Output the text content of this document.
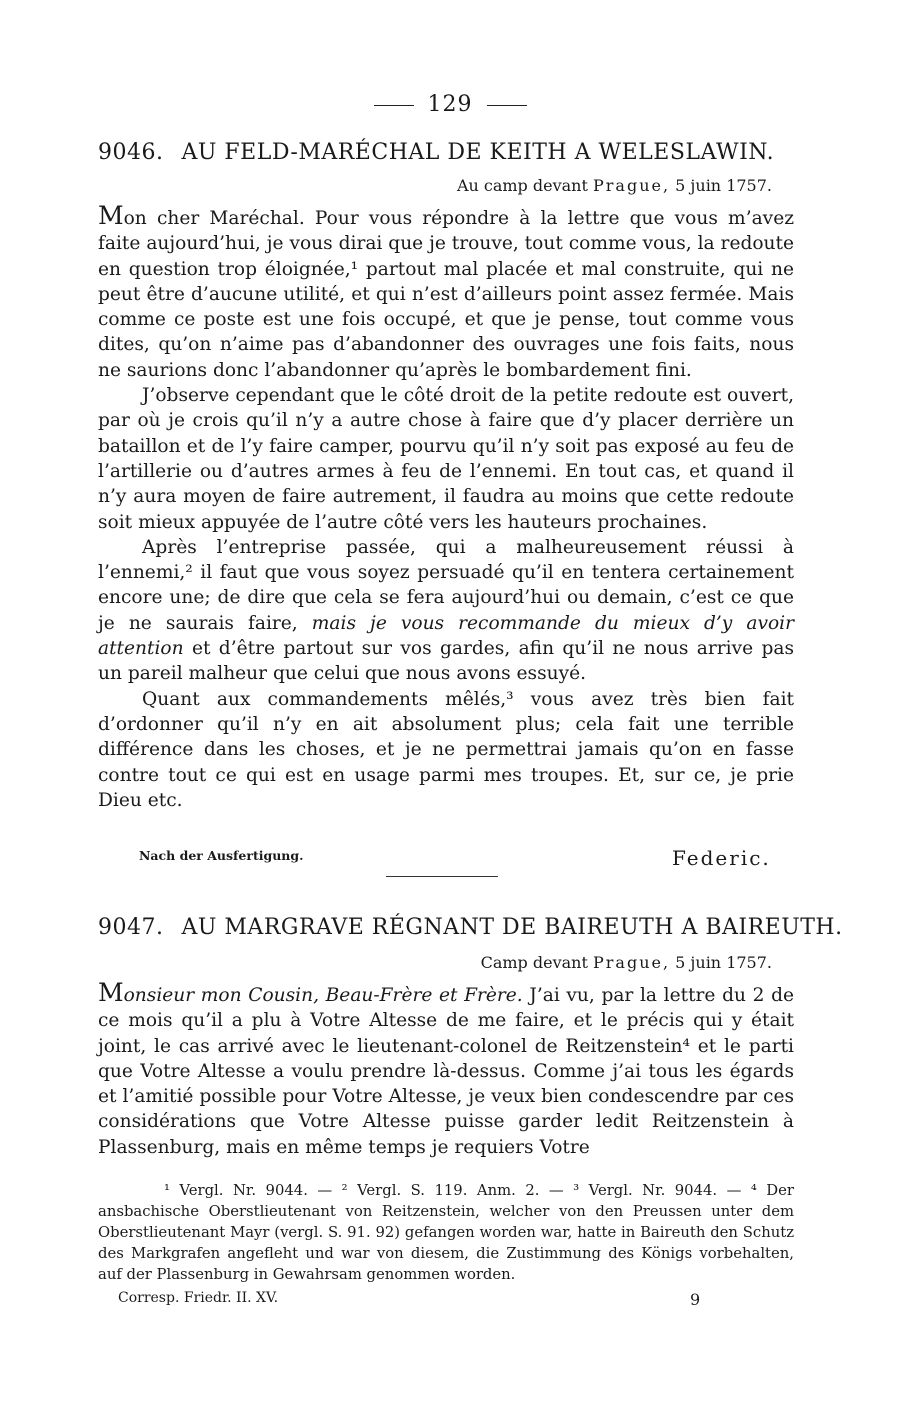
129
9046. AU FELD-MARÉCHAL DE KEITH A WELESLAWIN.
Au camp devant Prague, 5 juin 1757.

Mon cher Maréchal. Pour vous répondre à la lettre que vous m’avez faite aujourd’hui, je vous dirai que je trouve, tout comme vous, la redoute en question trop éloignée,¹ partout mal placée et mal construite, qui ne peut être d’aucune utilité, et qui n’est d’ailleurs point assez fermée. Mais comme ce poste est une fois occupé, et que je pense, tout comme vous dites, qu’on n’aime pas d’abandonner des ouvrages une fois faits, nous ne saurions donc l’abandonner qu’après le bombardement fini.

J’observe cependant que le côté droit de la petite redoute est ouvert, par où je crois qu’il n’y a autre chose à faire que d’y placer derrière un bataillon et de l’y faire camper, pourvu qu’il n’y soit pas exposé au feu de l’artillerie ou d’autres armes à feu de l’ennemi. En tout cas, et quand il n’y aura moyen de faire autrement, il faudra au moins que cette redoute soit mieux appuyée de l’autre côté vers les hauteurs prochaines.

Après l’entreprise passée, qui a malheureusement réussi à l’ennemi,² il faut que vous soyez persuadé qu’il en tentera certainement encore une; de dire que cela se fera aujourd’hui ou demain, c’est ce que je ne saurais faire, mais je vous recommande du mieux d’y avoir attention et d’être partout sur vos gardes, afin qu’il ne nous arrive pas un pareil malheur que celui que nous avons essuyé.

Quant aux commandements mêlés,³ vous avez très bien fait d’ordonner qu’il n’y en ait absolument plus; cela fait une terrible différence dans les choses, et je ne permettrai jamais qu’on en fasse contre tout ce qui est en usage parmi mes troupes. Et, sur ce, je prie Dieu etc.

Nach der Ausfertigung.	Federic.
9047. AU MARGRAVE RÉGNANT DE BAIREUTH A BAIREUTH.
Camp devant Prague, 5 juin 1757.

Monsieur mon Cousin, Beau-Frère et Frère. J’ai vu, par la lettre du 2 de ce mois qu’il a plu à Votre Altesse de me faire, et le précis qui y était joint, le cas arrivé avec le lieutenant-colonel de Reitzenstein⁴ et le parti que Votre Altesse a voulu prendre là-dessus. Comme j’ai tous les égards et l’amitié possible pour Votre Altesse, je veux bien condescendre par ces considérations que Votre Altesse puisse garder ledit Reitzenstein à Plassenburg, mais en même temps je requiers Votre

¹ Vergl. Nr. 9044. — ² Vergl. S. 119. Anm. 2. — ³ Vergl. Nr. 9044. — ⁴ Der ansbachische Oberstlieutenant von Reitzenstein, welcher von den Preussen unter dem Oberstlieutenant Mayr (vergl. S. 91. 92) gefangen worden war, hatte in Baireuth den Schutz des Markgrafen angefleht und war von diesem, die Zustimmung des Königs vorbehalten, auf der Plassenburg in Gewahrsam genommen worden.

Corresp. Friedr. II. XV.	9
